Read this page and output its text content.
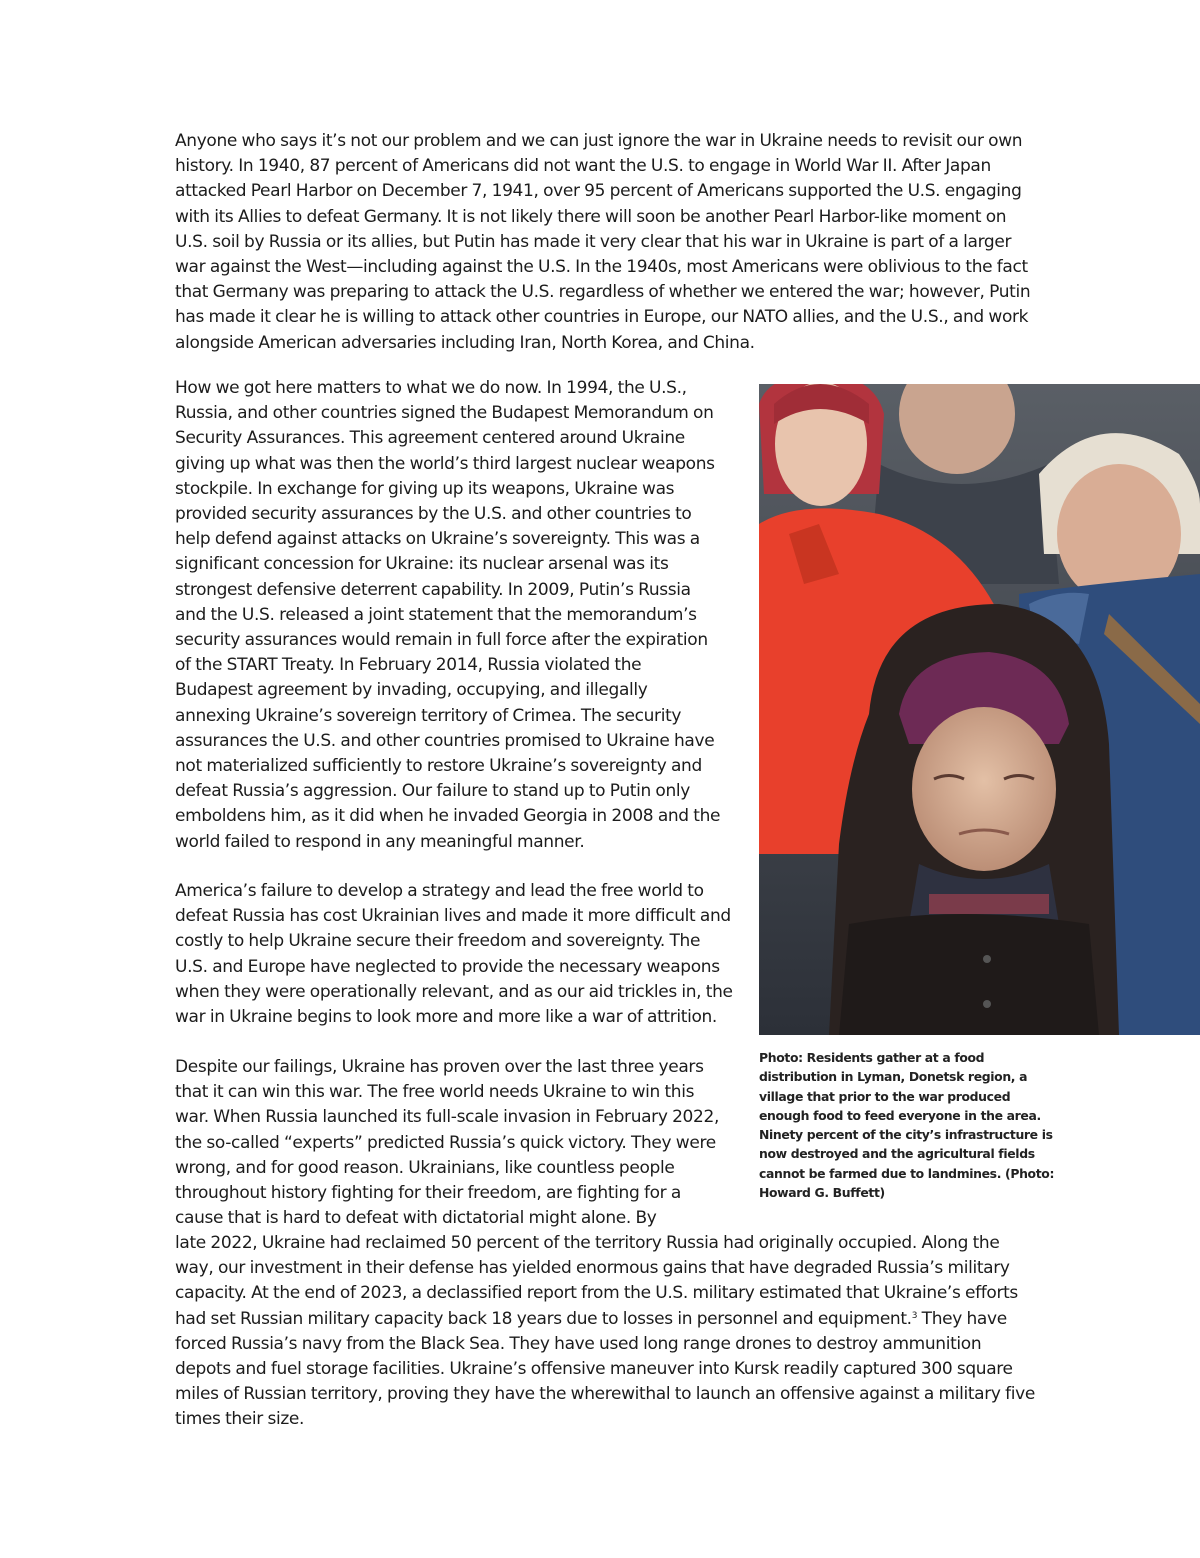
Anyone who says it’s not our problem and we can just ignore the war in Ukraine needs to revisit our own history. In 1940, 87 percent of Americans did not want the U.S. to engage in World War II. After Japan attacked Pearl Harbor on December 7, 1941, over 95 percent of Americans supported the U.S. engaging with its Allies to defeat Germany. It is not likely there will soon be another Pearl Harbor-like moment on U.S. soil by Russia or its allies, but Putin has made it very clear that his war in Ukraine is part of a larger war against the West—including against the U.S. In the 1940s, most Americans were oblivious to the fact that Germany was preparing to attack the U.S. regardless of whether we entered the war; however, Putin has made it clear he is willing to attack other countries in Europe, our NATO allies, and the U.S., and work alongside American adversaries including Iran, North Korea, and China.

How we got here matters to what we do now. In 1994, the U.S., Russia, and other countries signed the Budapest Memorandum on Security Assurances. This agreement centered around Ukraine giving up what was then the world’s third largest nuclear weapons stockpile. In exchange for giving up its weapons, Ukraine was provided security assurances by the U.S. and other countries to help defend against attacks on Ukraine’s sovereignty. This was a significant concession for Ukraine: its nuclear arsenal was its strongest defensive deterrent capability. In 2009, Putin’s Russia and the U.S. released a joint statement that the memorandum’s security assurances would remain in full force after the expiration of the START Treaty. In February 2014, Russia violated the Budapest agreement by invading, occupying, and illegally annexing Ukraine’s sovereign territory of Crimea. The security assurances the U.S. and other countries promised to Ukraine have not materialized sufficiently to restore Ukraine’s sovereignty and defeat Russia’s aggression. Our failure to stand up to Putin only emboldens him, as it did when he invaded Georgia in 2008 and the world failed to respond in any meaningful manner.

Photo: Residents gather at a food distribution in Lyman, Donetsk region, a village that prior to the war produced enough food to feed everyone in the area. Ninety percent of the city’s infrastructure is now destroyed and the agricultural fields cannot be farmed due to landmines. (Photo: Howard G. Buffett)

America’s failure to develop a strategy and lead the free world to defeat Russia has cost Ukrainian lives and made it more difficult and costly to help Ukraine secure their freedom and sovereignty. The U.S. and Europe have neglected to provide the necessary weapons when they were operationally relevant, and as our aid trickles in, the war in Ukraine begins to look more and more like a war of attrition.

Despite our failings, Ukraine has proven over the last three years that it can win this war. The free world needs Ukraine to win this war. When Russia launched its full-scale invasion in February 2022, the so-called “experts” predicted Russia’s quick victory. They were wrong, and for good reason. Ukrainians, like countless people throughout history fighting for their freedom, are fighting for a cause that is hard to defeat with dictatorial might alone. By

late 2022, Ukraine had reclaimed 50 percent of the territory Russia had originally occupied. Along the way, our investment in their defense has yielded enormous gains that have degraded Russia’s military capacity. At the end of 2023, a declassified report from the U.S. military estimated that Ukraine’s efforts had set Russian military capacity back 18 years due to losses in personnel and equipment.$^3$ They have forced Russia’s navy from the Black Sea. They have used long range drones to destroy ammunition depots and fuel storage facilities. Ukraine’s offensive maneuver into Kursk readily captured 300 square miles of Russian territory, proving they have the wherewithal to launch an offensive against a military five times their size.
